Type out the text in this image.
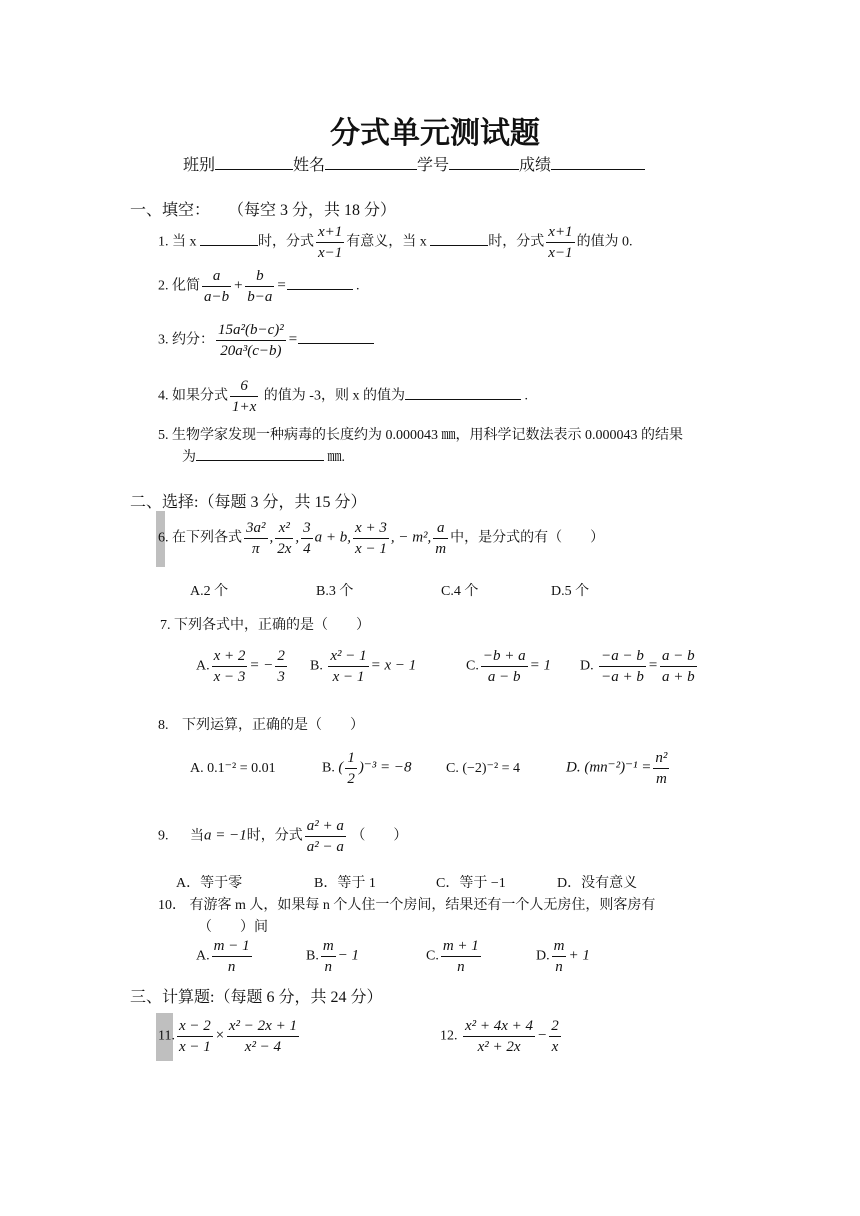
分式单元测试题
班别	姓名	学号	成绩
一、填空： （每空 3 分，共 18 分）
1. 当 x	时，分式 $\frac{x+1}{x-1}$ 有意义，当 x	时，分式 $\frac{x+1}{x-1}$ 的值为 0.
2. 化简 $\frac{a}{a-b} + \frac{b}{b-a}$ =	.
3. 约分： $\frac{\text{15a²(b−c)²}}{\text{20a³(c−b)}}$ =
4. 如果分式 $\frac{6}{1+x}$ 的值为 -3，则 x 的值为	.
5. 生物学家发现一种病毒的长度约为 0.000043 ㎜，用科学记数法表示 0.000043 的结果
为	㎜.
二、选择:（每题 3 分，共 15 分）
6. 在下列各式 $\frac{\text{3a²}}{\pi}$ , $\frac{\text{x²}}{2x}$ , $\frac{3}{4}$ a + b, $\frac{x + 3}{x - 1}$ , − m², $\frac{a}{m}$ 中，是分式的有（　　）
A.2 个	B.3 个	C.4 个	D.5 个
7. 下列各式中，正确的是（　　）
A. $\frac{x + 2}{x - 3}$ = − $\frac{2}{3} B$. $\frac{\text{x² − 1}}{x - 1} = x - 1$	C. $\frac{-b + a}{a - b} = 1$ D. $\frac{-a - b}{-a + b} = \frac{a - b}{a + b}$
8. 下列运算，正确的是（　　）
A. 0.1⁻² = 0.01	B. ( $\frac{1}{2} )^{-3} = -8$ C. (−2)⁻² = 4	D. $(mn^{-2})^{-1} = \frac{\text{n²}}{m}$
9. 当a = −1时，分式 $\frac{\text{a² + a}}{\text{a² − a}}$ （　　）
A．等于零	B．等于 1	C．等于 −1	D．没有意义
10． 有游客 m 人，如果每 n 个人住一个房间，结果还有一个人无房住，则客房有
（　　）间
A. $\frac{m - 1}{n}$	B. $\frac{m}{n} - 1$	C. $\frac{m + 1}{n}$	D. $\frac{m}{n} + 1$
三、计算题:（每题 6 分，共 24 分）
11. $\frac{x - 2}{x - 1} \times \frac{\text{x² − 2x + 1}}{\text{x² − 4}}$	12. $\frac{\text{x² + 4x + 4}}{\text{x² + 2x}} - \frac{2}{x}$
